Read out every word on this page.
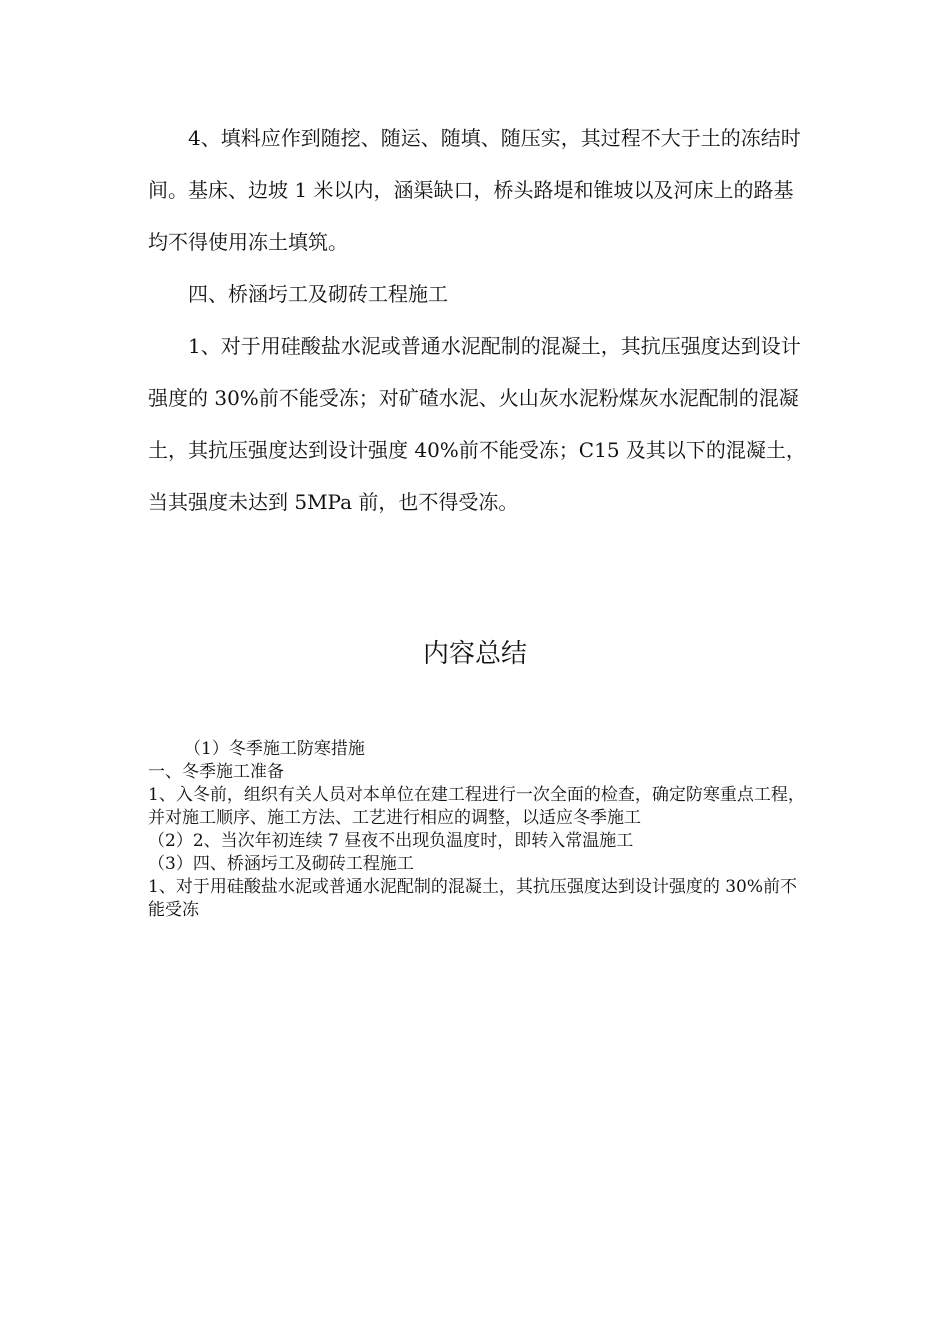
4、填料应作到随挖、随运、随填、随压实，其过程不大于土的冻结时间。基床、边坡 1 米以内，涵渠缺口，桥头路堤和锥坡以及河床上的路基均不得使用冻土填筑。

四、桥涵圬工及砌砖工程施工

1、对于用硅酸盐水泥或普通水泥配制的混凝土，其抗压强度达到设计强度的 30%前不能受冻；对矿碴水泥、火山灰水泥粉煤灰水泥配制的混凝土，其抗压强度达到设计强度 40%前不能受冻；C15 及其以下的混凝土，当其强度未达到 5MPa 前，也不得受冻。

内容总结

（1）冬季施工防寒措施

一、冬季施工准备

1、入冬前，组织有关人员对本单位在建工程进行一次全面的检查，确定防寒重点工程，并对施工顺序、施工方法、工艺进行相应的调整，以适应冬季施工

（2）2、当次年初连续 7 昼夜不出现负温度时，即转入常温施工

（3）四、桥涵圬工及砌砖工程施工

1、对于用硅酸盐水泥或普通水泥配制的混凝土，其抗压强度达到设计强度的 30%前不能受冻
